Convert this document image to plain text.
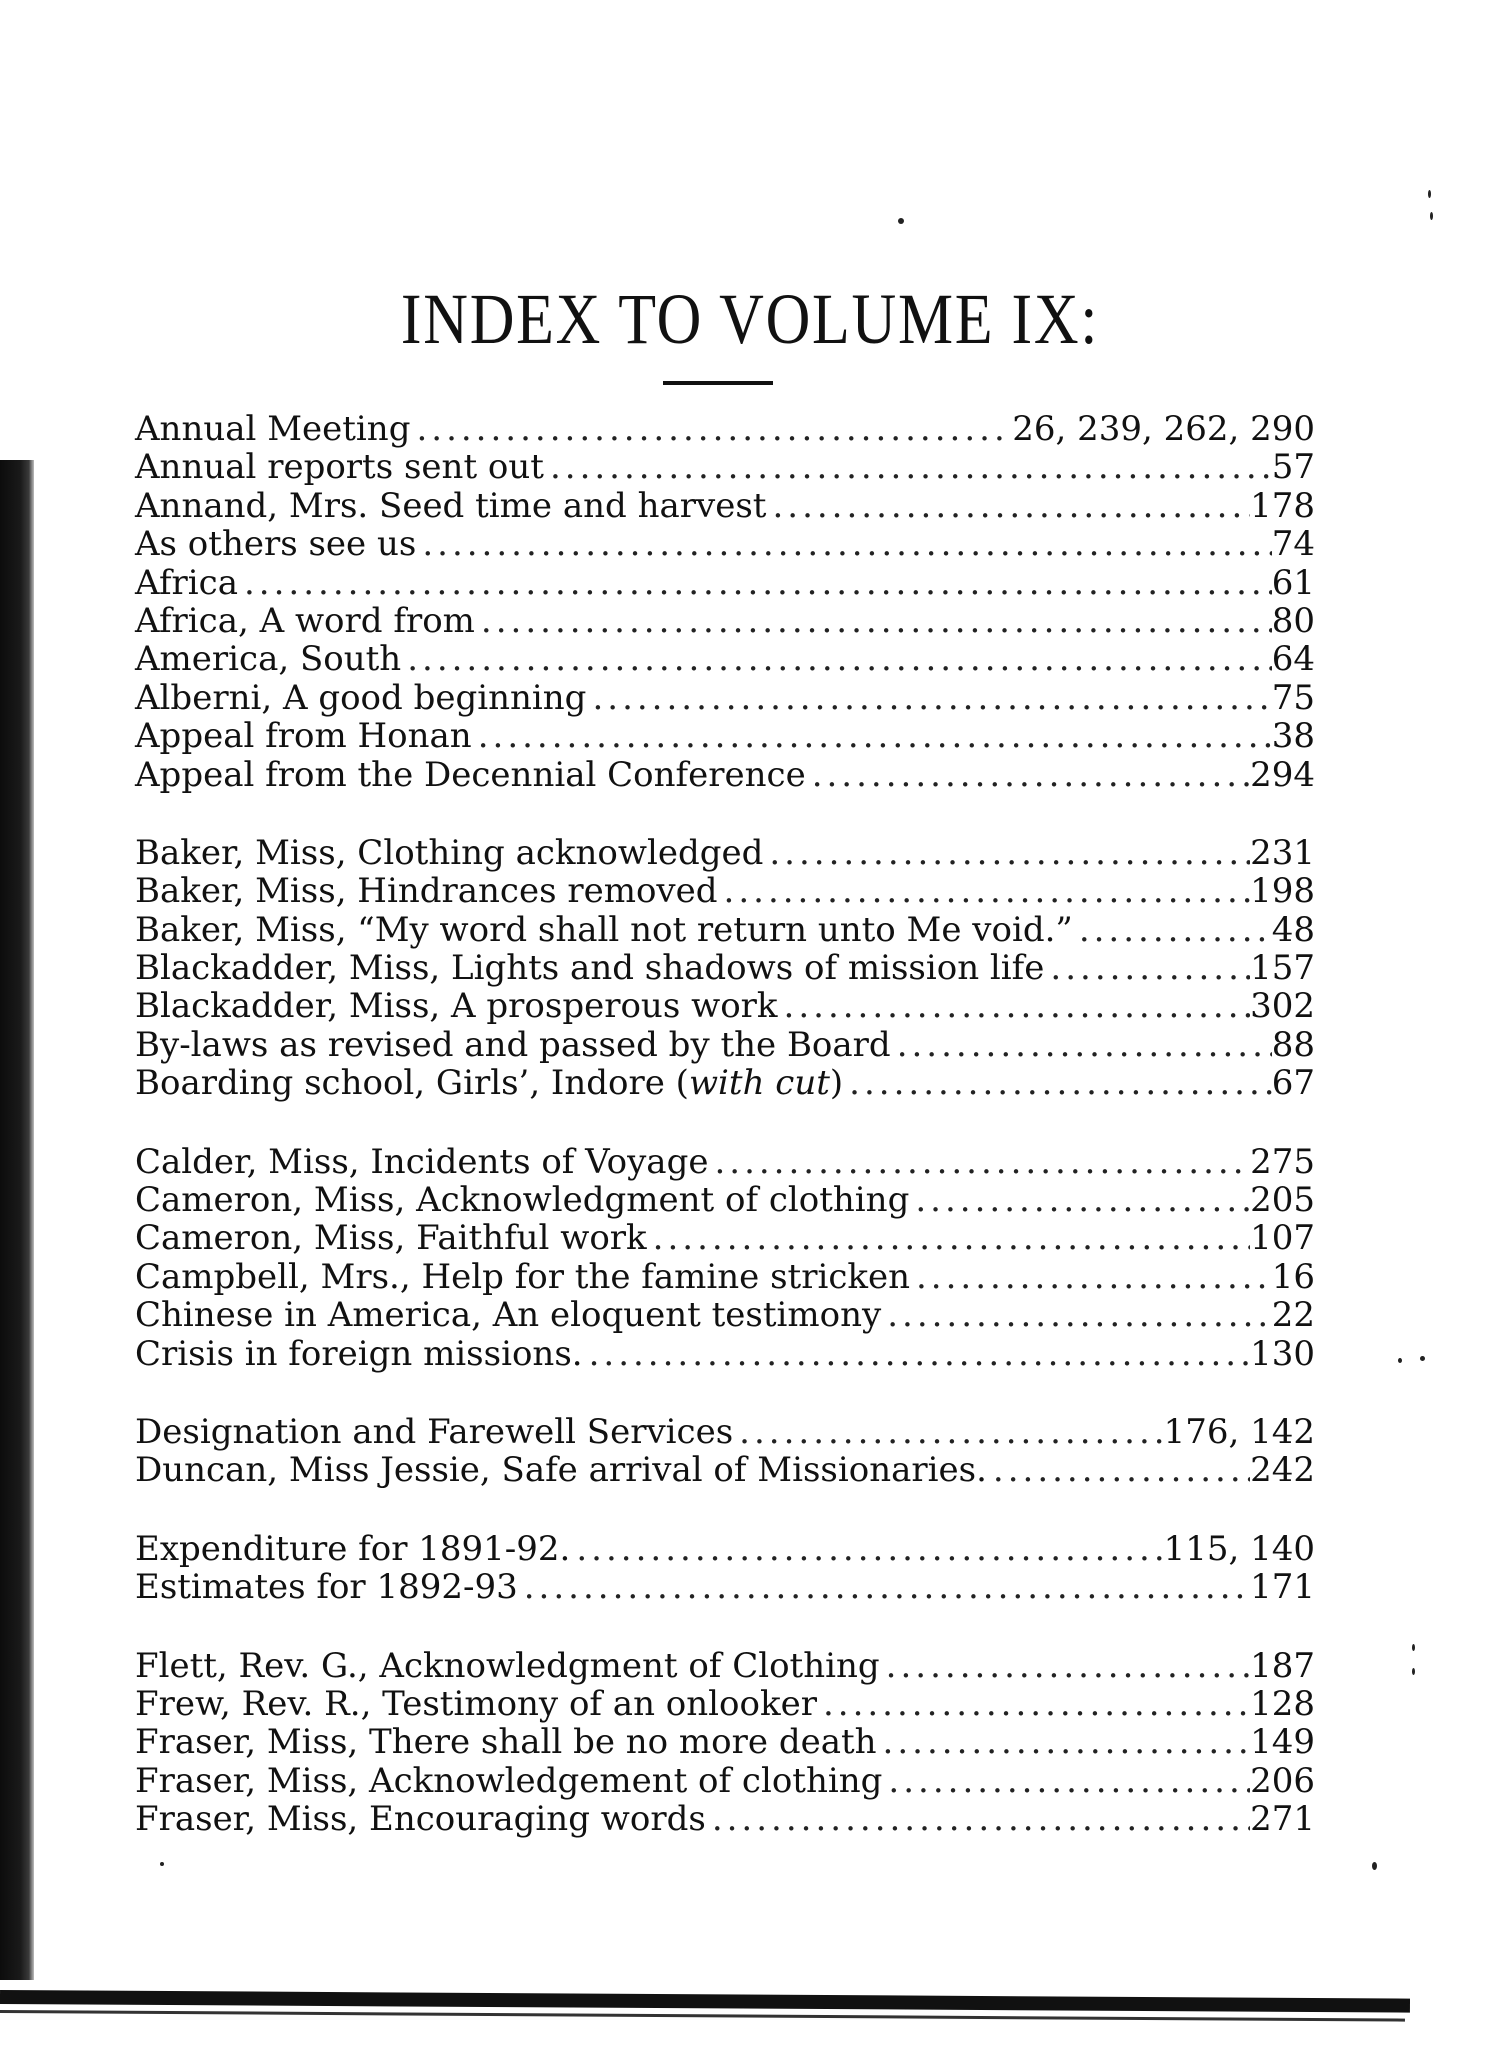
INDEX TO VOLUME IX:
Annual Meeting .....	26, 239, 262, 290
Annual reports sent out .....	57
Annand, Mrs. Seed time and harvest .....	178
As others see us .....	74
Africa .....	61
Africa, A word from .....	80
America, South .....	64
Alberni, A good beginning .....	75
Appeal from Honan .....	38
Appeal from the Decennial Conference .....	294
Baker, Miss, Clothing acknowledged .....	231
Baker, Miss, Hindrances removed .....	198
Baker, Miss, “My word shall not return unto Me void.” .....	48
Blackadder, Miss, Lights and shadows of mission life .....	157
Blackadder, Miss, A prosperous work .....	302
By-laws as revised and passed by the Board .....	88
Boarding school, Girls’, Indore (with cut) .....	67
Calder, Miss, Incidents of Voyage .....	275
Cameron, Miss, Acknowledgment of clothing .....	205
Cameron, Miss, Faithful work .....	107
Campbell, Mrs., Help for the famine stricken .....	16
Chinese in America, An eloquent testimony .....	22
Crisis in foreign missions. .....	130
Designation and Farewell Services .....	176, 142
Duncan, Miss Jessie, Safe arrival of Missionaries. .....	242
Expenditure for 1891-92. .....	115, 140
Estimates for 1892-93 .....	171
Flett, Rev. G., Acknowledgment of Clothing .....	187
Frew, Rev. R., Testimony of an onlooker .....	128
Fraser, Miss, There shall be no more death .....	149
Fraser, Miss, Acknowledgement of clothing .....	206
Fraser, Miss, Encouraging words .....	271
